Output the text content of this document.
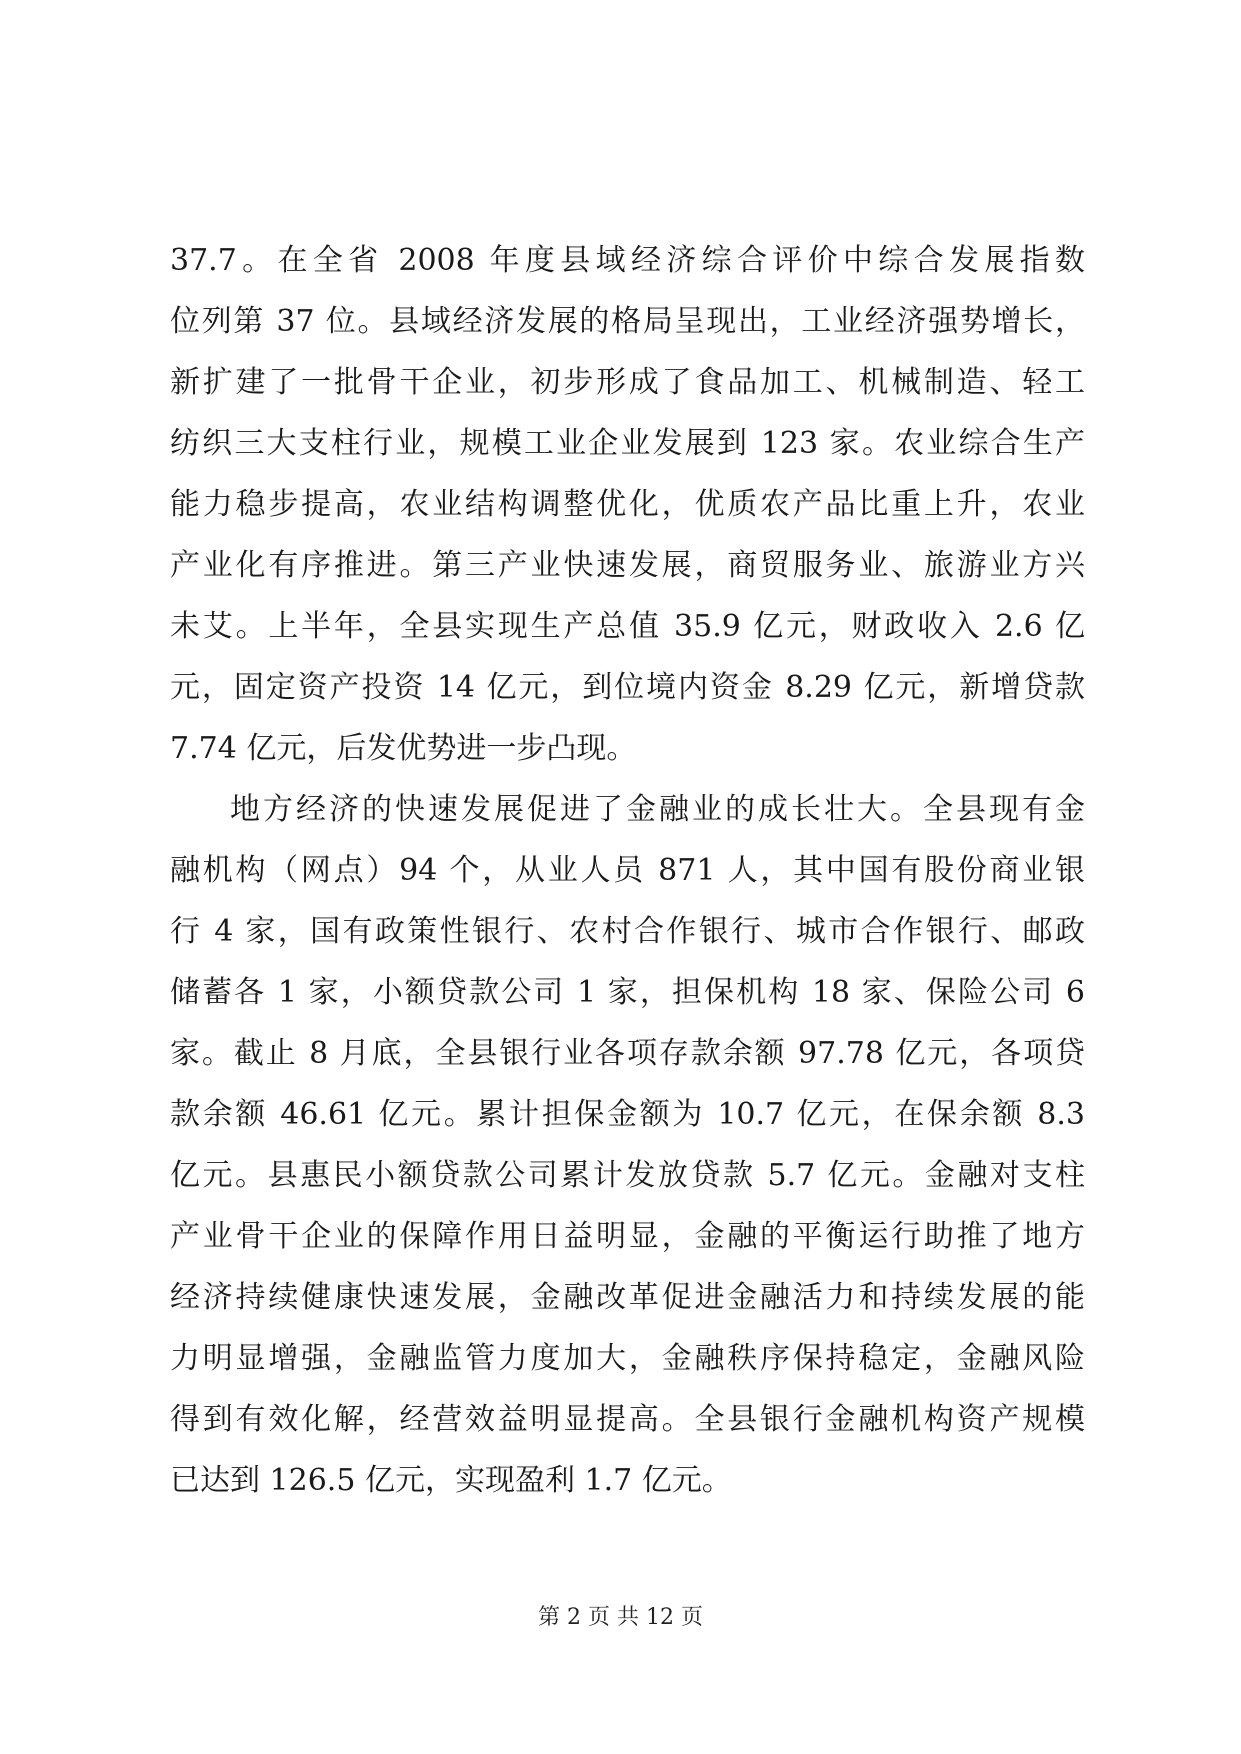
37.7。在全省 2008 年度县域经济综合评价中综合发展指数
位列第 37 位。县域经济发展的格局呈现出，工业经济强势增长，
新扩建了一批骨干企业，初步形成了食品加工、机械制造、轻工
纺织三大支柱行业，规模工业企业发展到 123 家。农业综合生产
能力稳步提高，农业结构调整优化，优质农产品比重上升，农业
产业化有序推进。第三产业快速发展，商贸服务业、旅游业方兴
未艾。上半年，全县实现生产总值 35.9 亿元，财政收入 2.6 亿
元，固定资产投资 14 亿元，到位境内资金 8.29 亿元，新增贷款
7.74 亿元，后发优势进一步凸现。
地方经济的快速发展促进了金融业的成长壮大。全县现有金
融机构（网点）94 个，从业人员 871 人，其中国有股份商业银
行 4 家，国有政策性银行、农村合作银行、城市合作银行、邮政
储蓄各 1 家，小额贷款公司 1 家，担保机构 18 家、保险公司 6
家。截止 8 月底，全县银行业各项存款余额 97.78 亿元，各项贷
款余额 46.61 亿元。累计担保金额为 10.7 亿元，在保余额 8.3
亿元。县惠民小额贷款公司累计发放贷款 5.7 亿元。金融对支柱
产业骨干企业的保障作用日益明显，金融的平衡运行助推了地方
经济持续健康快速发展，金融改革促进金融活力和持续发展的能
力明显增强，金融监管力度加大，金融秩序保持稳定，金融风险
得到有效化解，经营效益明显提高。全县银行金融机构资产规模
已达到 126.5 亿元，实现盈利 1.7 亿元。
第 2 页 共 12 页
